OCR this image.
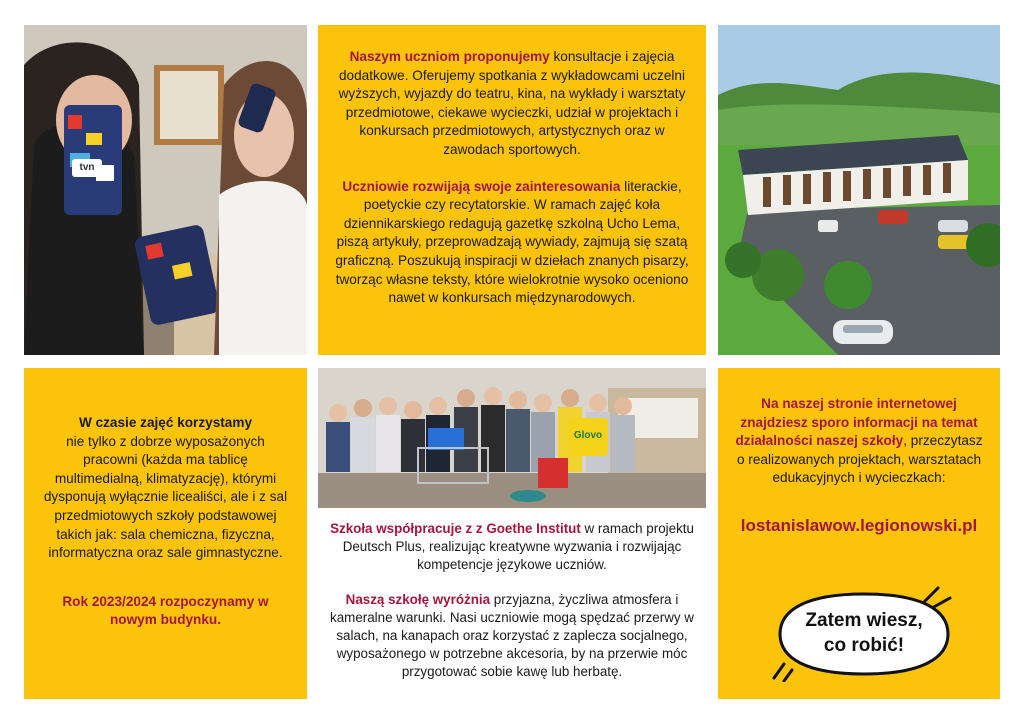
tvn

Naszym uczniom proponujemy konsultacje i zajęcia dodatkowe. Oferujemy spotkania z wykładowcami uczelni wyższych, wyjazdy do teatru, kina, na wykłady i warsztaty przedmiotowe, ciekawe wycieczki, udział w projektach i konkursach przedmiotowych, artystycznych oraz w zawodach sportowych.

Uczniowie rozwijają swoje zainteresowania literackie, poetyckie czy recytatorskie. W ramach zajęć koła dziennikarskiego redagują gazetkę szkolną Ucho Lema, piszą artykuły, przeprowadzają wywiady, zajmują się szatą graficzną. Poszukują inspiracji w dziełach znanych pisarzy, tworząc własne teksty, które wielokrotnie wysoko oceniono nawet w konkursach międzynarodowych.

W czasie zajęć korzystamy
nie tylko z dobrze wyposażonych pracowni (każda ma tablicę multimedialną, klimatyzację), którymi dysponują wyłącznie licealiści, ale i z sal przedmiotowych szkoły podstawowej takich jak: sala chemiczna, fizyczna, informatyczna oraz sale gimnastyczne.

Rok 2023/2024 rozpoczynamy w nowym budynku.

Glovo

Szkoła współpracuje z z Goethe Institut w ramach projektu Deutsch Plus, realizując kreatywne wyzwania i rozwijając kompetencje językowe uczniów.

Naszą szkołę wyróżnia przyjazna, życzliwa atmosfera i kameralne warunki. Nasi uczniowie mogą spędzać przerwy w salach, na kanapach oraz korzystać z zaplecza socjalnego, wyposażonego w potrzebne akcesoria, by na przerwie móc przygotować sobie kawę lub herbatę.

Na naszej stronie internetowej znajdziesz sporo informacji na temat działalności naszej szkoły, przeczytasz o realizowanych projektach, warsztatach edukacyjnych i wycieczkach:

lostanislawow.legionowski.pl
Zatem wiesz,
co robić!
